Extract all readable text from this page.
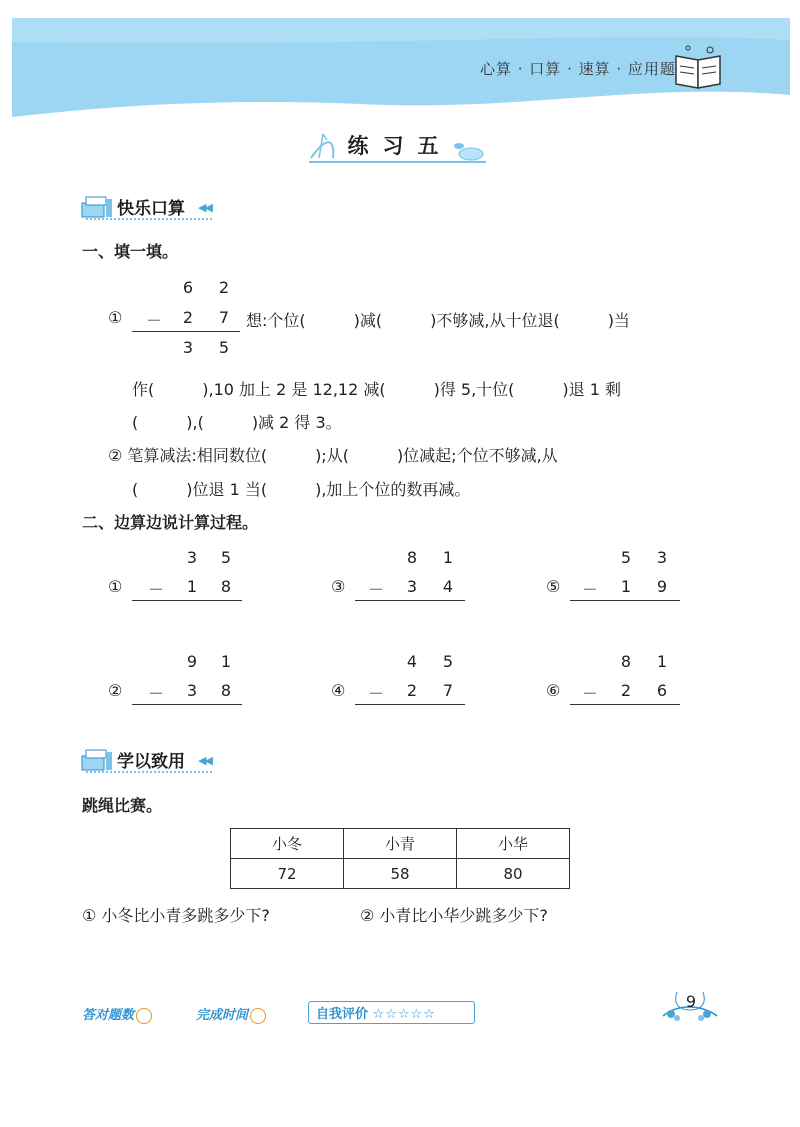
心算 · 口算 · 速算 · 应用题
练习五
快乐口算 ◀◀
一、填一填。
6	2
① －	2	7
3	5
想:个位(　　　)减(　　　)不够减,从十位退(　　　)当
作(　　　),10 加上 2 是 12,12 减(　　　)得 5,十位(　　　)退 1 剩
(　　　),(　　　)减 2 得 3。
② 笔算减法:相同数位(　　　);从(　　　)位减起;个位不够减,从
(　　　)位退 1 当(　　　),加上个位的数再减。
二、边算边说计算过程。
3	5
① －	1	8
8	1
③ －	3	4
5	3
⑤ －	1	9
9	1
② －	3	8
4	5
④ －	2	7
8	1
⑥ －	2	6
学以致用 ◀◀
跳绳比赛。
小冬	小青	小华
72	58	80
① 小冬比小青多跳多少下?	② 小青比小华少跳多少下?
答对题数	完成时间	自我评价 ☆☆☆☆☆
9
